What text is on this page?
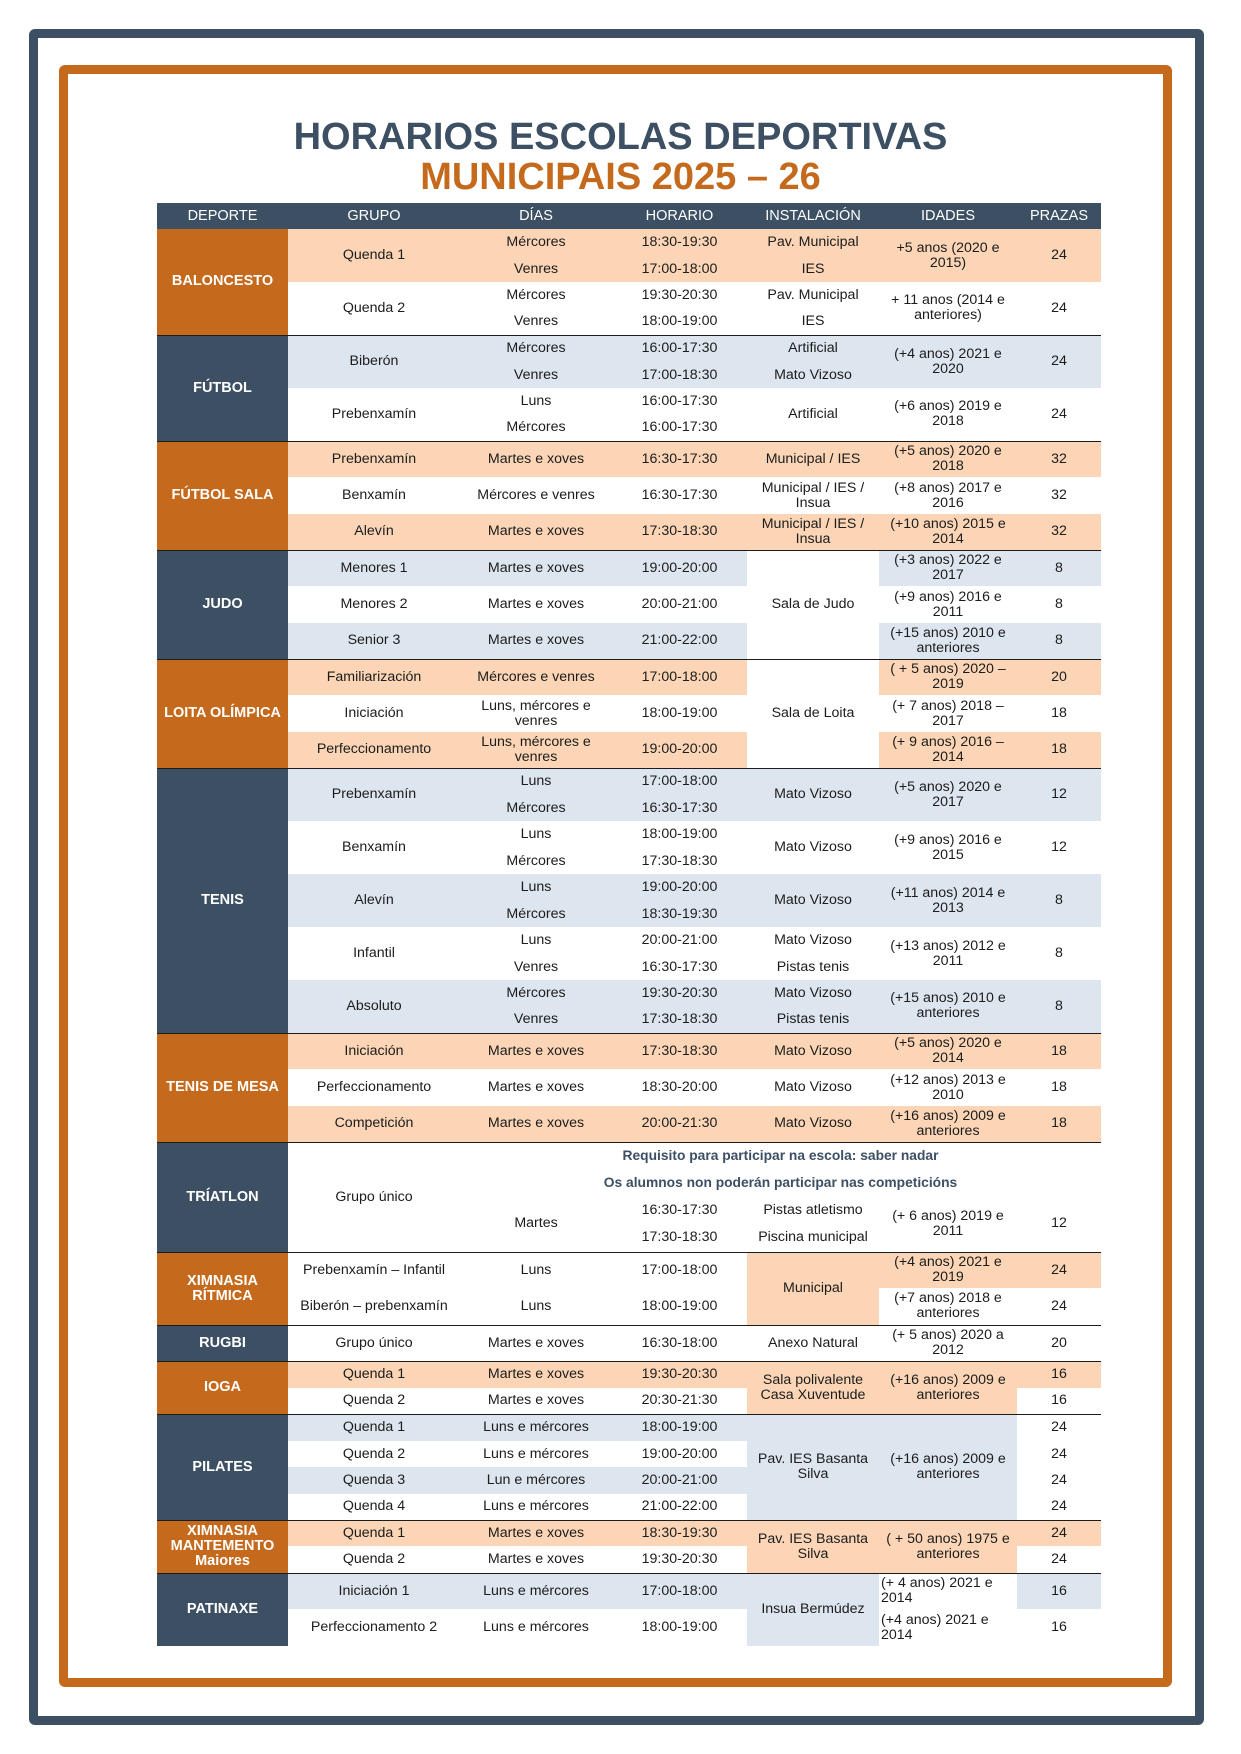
HORARIOS ESCOLAS DEPORTIVAS
MUNICIPAIS 2025 – 26
DEPORTE	GRUPO	DÍAS	HORARIO	INSTALACIÓN	IDADES	PRAZAS
BALONCESTO	Quenda 1	Mércores	18:30-19:30	Pav. Municipal	+5 anos (2020 e 2015)	24
		Venres	17:00-18:00	IES		
	Quenda 2	Mércores	19:30-20:30	Pav. Municipal	+ 11 anos (2014 e anteriores)	24
		Venres	18:00-19:00	IES		
FÚTBOL	Biberón	Mércores	16:00-17:30	Artificial	(+4 anos) 2021 e 2020	24
		Venres	17:00-18:30	Mato Vizoso		
	Prebenxamín	Luns	16:00-17:30	Artificial	(+6 anos) 2019 e 2018	24
		Mércores	16:00-17:30			
FÚTBOL SALA	Prebenxamín	Martes e xoves	16:30-17:30	Municipal / IES	(+5 anos) 2020 e 2018	32
	Benxamín	Mércores e venres	16:30-17:30	Municipal / IES / Insua	(+8 anos) 2017 e 2016	32
	Alevín	Martes e xoves	17:30-18:30	Municipal / IES / Insua	(+10 anos) 2015 e 2014	32
JUDO	Menores 1	Martes e xoves	19:00-20:00	Sala de Judo	(+3 anos) 2022 e 2017	8
	Menores 2	Martes e xoves	20:00-21:00		(+9 anos) 2016 e 2011	8
	Senior 3	Martes e xoves	21:00-22:00		(+15 anos) 2010 e anteriores	8
LOITA OLÍMPICA	Familiarización	Mércores e venres	17:00-18:00	Sala de Loita	( + 5 anos) 2020 – 2019	20
	Iniciación	Luns, mércores e venres	18:00-19:00		(+ 7 anos) 2018 – 2017	18
	Perfeccionamento	Luns, mércores e venres	19:00-20:00		(+ 9 anos) 2016 – 2014	18
TENIS	Prebenxamín	Luns	17:00-18:00	Mato Vizoso	(+5 anos) 2020 e 2017	12
		Mércores	16:30-17:30			
	Benxamín	Luns	18:00-19:00	Mato Vizoso	(+9 anos) 2016 e 2015	12
		Mércores	17:30-18:30			
	Alevín	Luns	19:00-20:00	Mato Vizoso	(+11 anos) 2014 e 2013	8
		Mércores	18:30-19:30			
	Infantil	Luns	20:00-21:00	Mato Vizoso	(+13 anos) 2012 e 2011	8
		Venres	16:30-17:30	Pistas tenis		
	Absoluto	Mércores	19:30-20:30	Mato Vizoso	(+15 anos) 2010 e anteriores	8
		Venres	17:30-18:30	Pistas tenis		
TENIS DE MESA	Iniciación	Martes e xoves	17:30-18:30	Mato Vizoso	(+5 anos) 2020 e 2014	18
	Perfeccionamento	Martes e xoves	18:30-20:00	Mato Vizoso	(+12 anos) 2013 e 2010	18
	Competición	Martes e xoves	20:00-21:30	Mato Vizoso	(+16 anos) 2009 e anteriores	18
TRÍATLON	Grupo único	Requisito para participar na escola: saber nadar				
		Os alumnos non poderán participar nas competicións				
		Martes	16:30-17:30	Pistas atletismo	(+ 6 anos) 2019 e 2011	12
			17:30-18:30	Piscina municipal		
XIMNASIA RÍTMICA	Prebenxamín – Infantil	Luns	17:00-18:00	Municipal	(+4 anos) 2021 e 2019	24
	Biberón – prebenxamín	Luns	18:00-19:00		(+7 anos) 2018 e anteriores	24
RUGBI	Grupo único	Martes e xoves	16:30-18:00	Anexo Natural	(+ 5 anos) 2020 a 2012	20
IOGA	Quenda 1	Martes e xoves	19:30-20:30	Sala polivalente Casa Xuventude	(+16 anos) 2009 e anteriores	16
	Quenda 2	Martes e xoves	20:30-21:30			16
PILATES	Quenda 1	Luns e mércores	18:00-19:00	Pav. IES Basanta Silva	(+16 anos) 2009 e anteriores	24
	Quenda 2	Luns e mércores	19:00-20:00			24
	Quenda 3	Lun e mércores	20:00-21:00			24
	Quenda 4	Luns e mércores	21:00-22:00			24
XIMNASIA MANTEMENTO Maiores	Quenda 1	Martes e xoves	18:30-19:30	Pav. IES Basanta Silva	( + 50 anos) 1975 e anteriores	24
	Quenda 2	Martes e xoves	19:30-20:30			24
PATINAXE	Iniciación 1	Luns e mércores	17:00-18:00	Insua Bermúdez	(+ 4 anos) 2021 e 2014	16
	Perfeccionamento 2	Luns e mércores	18:00-19:00		(+4 anos) 2021 e 2014	16
